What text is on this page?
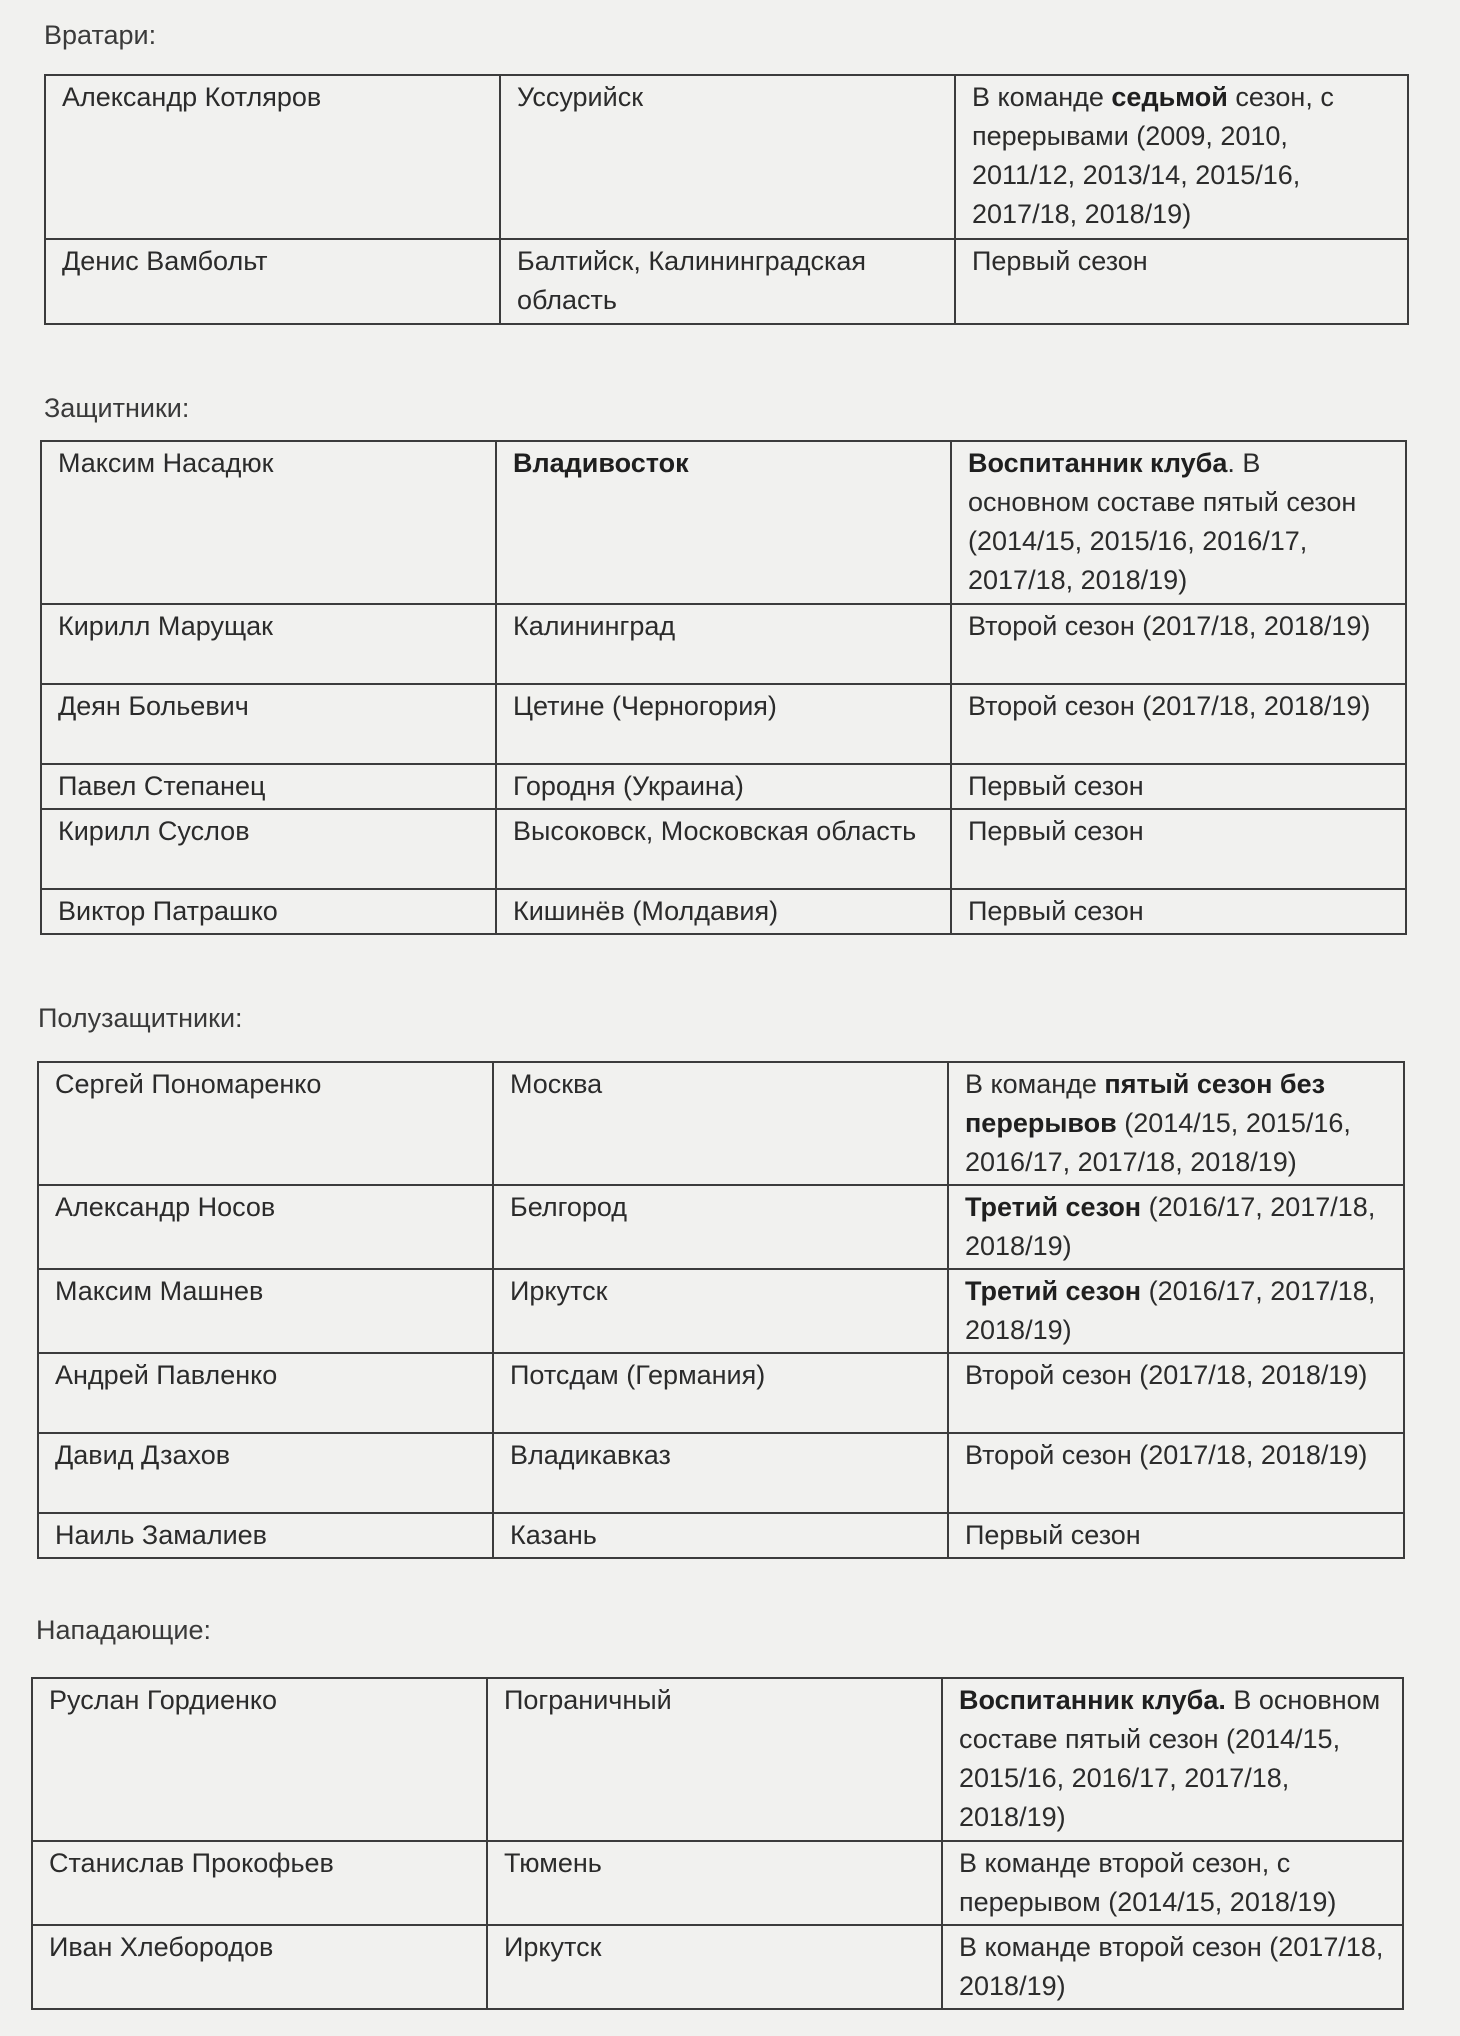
Вратари:
Александр Котляров	Уссурийск	В команде седьмой сезон, с перерывами (2009, 2010, 2011/12, 2013/14, 2015/16, 2017/18, 2018/19)
Денис Вамбольт	Балтийск, Калининградская область	Первый сезон
Защитники:
Максим Насадюк	Владивосток	Воспитанник клуба. В основном составе пятый сезон (2014/15, 2015/16, 2016/17, 2017/18, 2018/19)
Кирилл Марущак	Калининград	Второй сезон (2017/18, 2018/19)
Деян Больевич	Цетине (Черногория)	Второй сезон (2017/18, 2018/19)
Павел Степанец	Городня (Украина)	Первый сезон
Кирилл Суслов	Высоковск, Московская область	Первый сезон
Виктор Патрашко	Кишинёв (Молдавия)	Первый сезон
Полузащитники:
Сергей Пономаренко	Москва	В команде пятый сезон без перерывов (2014/15, 2015/16, 2016/17, 2017/18, 2018/19)
Александр Носов	Белгород	Третий сезон (2016/17, 2017/18, 2018/19)
Максим Машнев	Иркутск	Третий сезон (2016/17, 2017/18, 2018/19)
Андрей Павленко	Потсдам (Германия)	Второй сезон (2017/18, 2018/19)
Давид Дзахов	Владикавказ	Второй сезон (2017/18, 2018/19)
Наиль Замалиев	Казань	Первый сезон
Нападающие:
Руслан Гордиенко	Пограничный	Воспитанник клуба. В основном составе пятый сезон (2014/15, 2015/16, 2016/17, 2017/18, 2018/19)
Станислав Прокофьев	Тюмень	В команде второй сезон, с перерывом (2014/15, 2018/19)
Иван Хлебородов	Иркутск	В команде второй сезон (2017/18, 2018/19)
